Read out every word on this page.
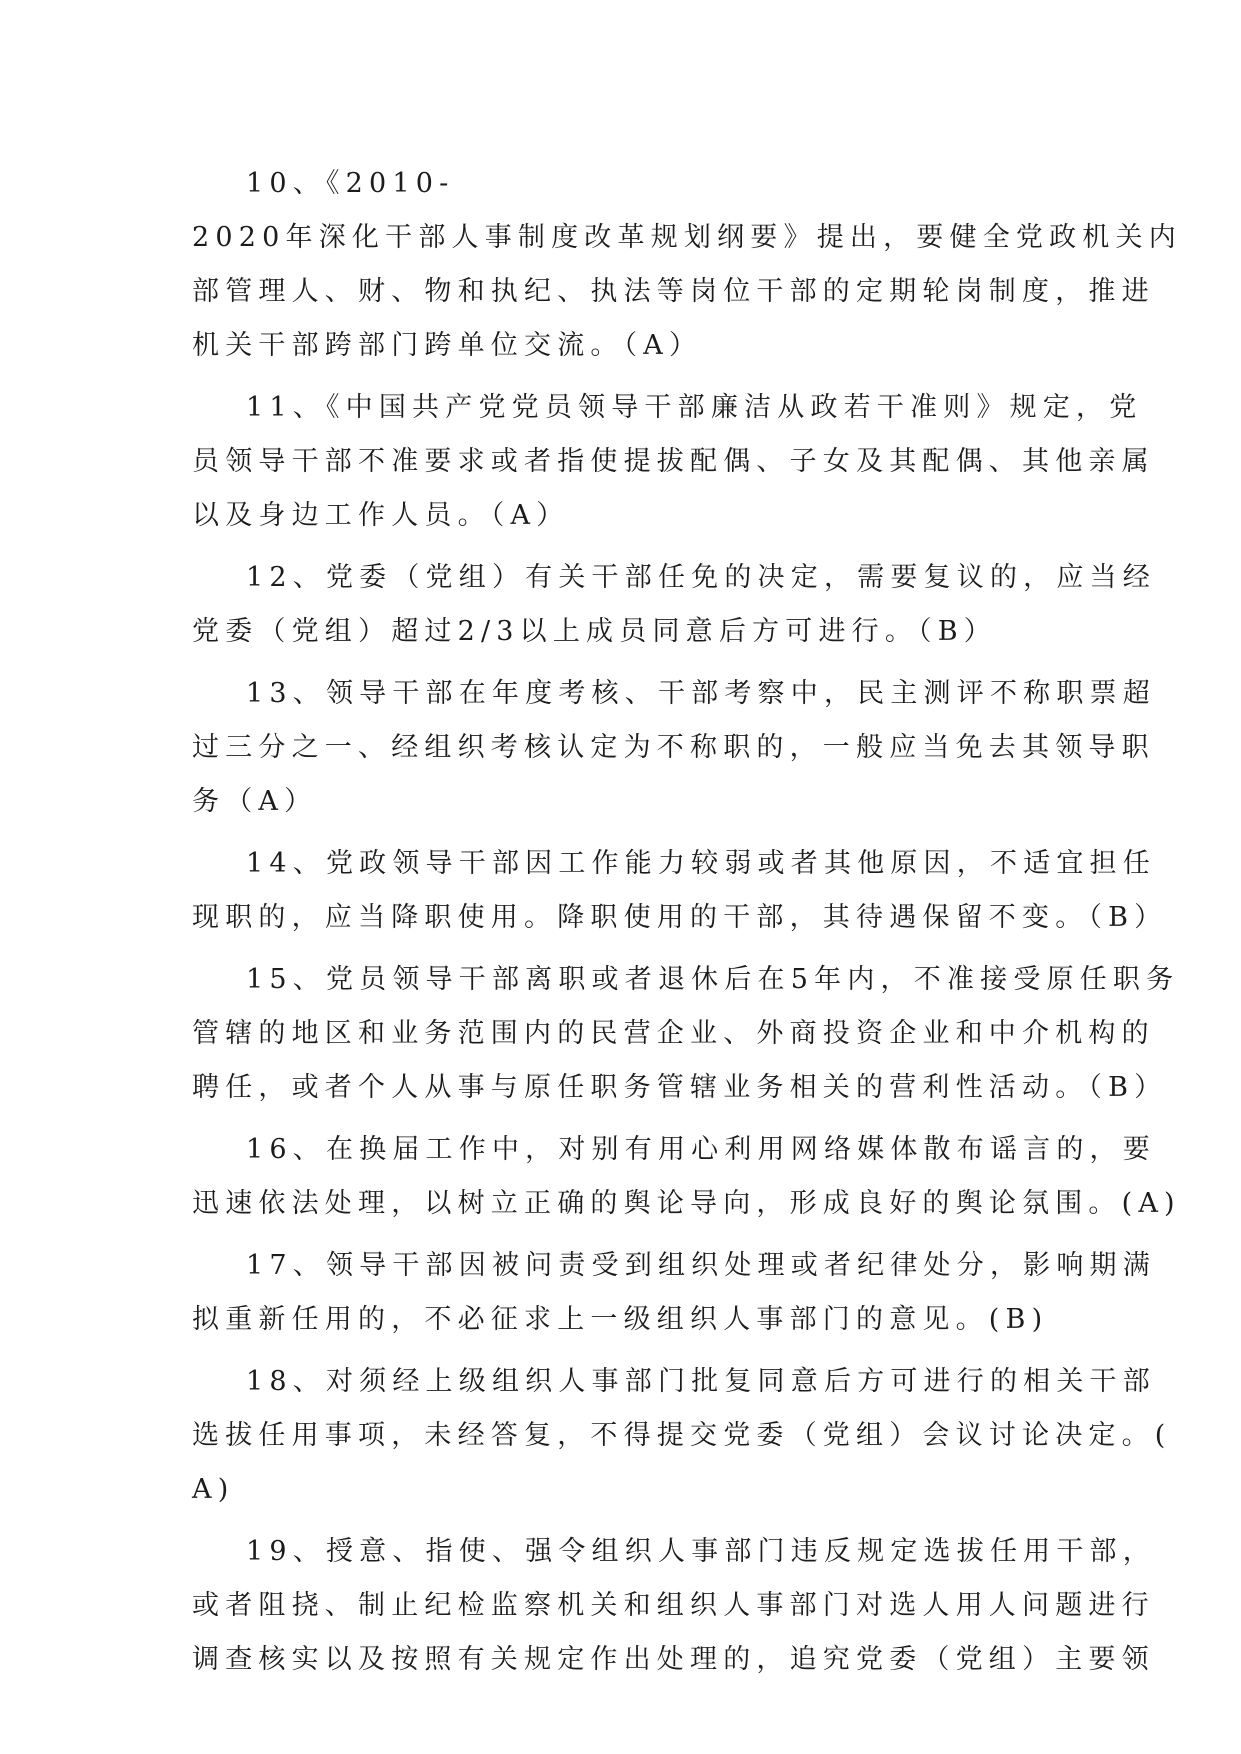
10、《2010-
2020年深化干部人事制度改革规划纲要》提出，要健全党政机关内
部管理人、财、物和执纪、执法等岗位干部的定期轮岗制度，推进
机关干部跨部门跨单位交流。（A）
11、《中国共产党党员领导干部廉洁从政若干准则》规定，党
员领导干部不准要求或者指使提拔配偶、子女及其配偶、其他亲属
以及身边工作人员。（A）
12、党委（党组）有关干部任免的决定，需要复议的，应当经
党委（党组）超过2/3以上成员同意后方可进行。（B）
13、领导干部在年度考核、干部考察中，民主测评不称职票超
过三分之一、经组织考核认定为不称职的，一般应当免去其领导职
务（A）
14、党政领导干部因工作能力较弱或者其他原因，不适宜担任
现职的，应当降职使用。降职使用的干部，其待遇保留不变。（B）
15、党员领导干部离职或者退休后在5年内，不准接受原任职务
管辖的地区和业务范围内的民营企业、外商投资企业和中介机构的
聘任，或者个人从事与原任职务管辖业务相关的营利性活动。（B）
16、在换届工作中，对别有用心利用网络媒体散布谣言的，要
迅速依法处理，以树立正确的舆论导向，形成良好的舆论氛围。(A)
17、领导干部因被问责受到组织处理或者纪律处分，影响期满
拟重新任用的，不必征求上一级组织人事部门的意见。(B)
18、对须经上级组织人事部门批复同意后方可进行的相关干部
选拔任用事项，未经答复，不得提交党委（党组）会议讨论决定。(
A)
19、授意、指使、强令组织人事部门违反规定选拔任用干部，
或者阻挠、制止纪检监察机关和组织人事部门对选人用人问题进行
调查核实以及按照有关规定作出处理的，追究党委（党组）主要领
